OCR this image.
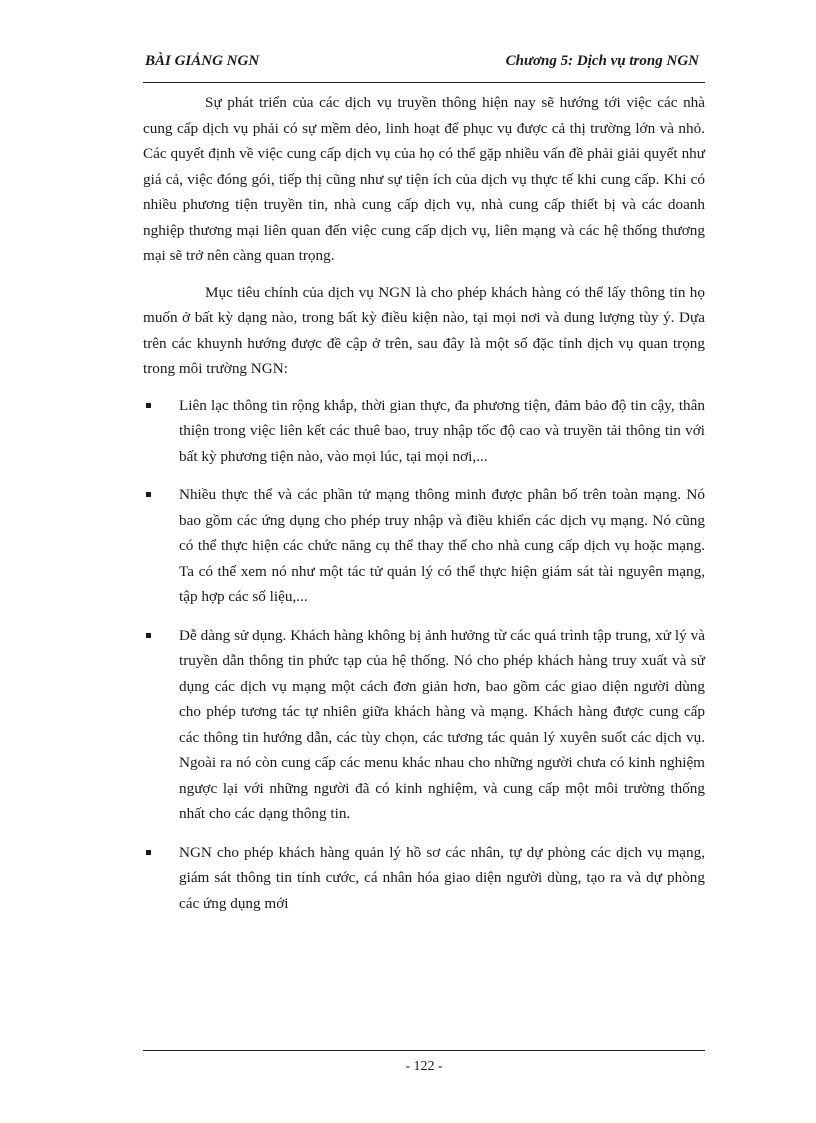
BÀI GIẢNG NGN	Chương 5: Dịch vụ trong NGN

Sự phát triển của các dịch vụ truyền thông hiện nay sẽ hướng tới việc các nhà cung cấp dịch vụ phải có sự mềm dẻo, linh hoạt để phục vụ được cả thị trường lớn và nhỏ. Các quyết định về việc cung cấp dịch vụ của họ có thể gặp nhiều vấn đề phải giải quyết như giá cả, việc đóng gói, tiếp thị cũng như sự tiện ích của dịch vụ thực tế khi cung cấp. Khi có nhiều phương tiện truyền tin, nhà cung cấp dịch vụ, nhà cung cấp thiết bị và các doanh nghiệp thương mại liên quan đến việc cung cấp dịch vụ, liên mạng và các hệ thống thương mại sẽ trở nên càng quan trọng.

Mục tiêu chính của dịch vụ NGN là cho phép khách hàng có thể lấy thông tin họ muốn ở bất kỳ dạng nào, trong bất kỳ điều kiện nào, tại mọi nơi và dung lượng tùy ý. Dựa trên các khuynh hướng được đề cập ở trên, sau đây là một số đặc tính dịch vụ quan trọng trong môi trường NGN:

Liên lạc thông tin rộng khắp, thời gian thực, đa phương tiện, đảm bảo độ tin cậy, thân thiện trong việc liên kết các thuê bao, truy nhập tốc độ cao và truyền tải thông tin với bất kỳ phương tiện nào, vào mọi lúc, tại mọi nơi,...
Nhiều thực thể và các phần tử mạng thông minh được phân bố trên toàn mạng. Nó bao gồm các ứng dụng cho phép truy nhập và điều khiển các dịch vụ mạng. Nó cũng có thể thực hiện các chức năng cụ thể thay thế cho nhà cung cấp dịch vụ hoặc mạng. Ta có thể xem nó như một tác tử quản lý có thể thực hiện giám sát tài nguyên mạng, tập hợp các số liệu,...
Dễ dàng sử dụng. Khách hàng không bị ảnh hưởng từ các quá trình tập trung, xử lý và truyền dẫn thông tin phức tạp của hệ thống. Nó cho phép khách hàng truy xuất và sử dụng các dịch vụ mạng một cách đơn giản hơn, bao gồm các giao diện người dùng cho phép tương tác tự nhiên giữa khách hàng và mạng. Khách hàng được cung cấp các thông tin hướng dẫn, các tùy chọn, các tương tác quản lý xuyên suốt các dịch vụ. Ngoài ra nó còn cung cấp các menu khác nhau cho những người chưa có kinh nghiệm ngược lại với những người đã có kinh nghiệm, và cung cấp một môi trường thống nhất cho các dạng thông tin.
NGN cho phép khách hàng quản lý hồ sơ các nhân, tự dự phòng các dịch vụ mạng, giám sát thông tin tính cước, cá nhân hóa giao diện người dùng, tạo ra và dự phòng các ứng dụng mới
- 122 -
